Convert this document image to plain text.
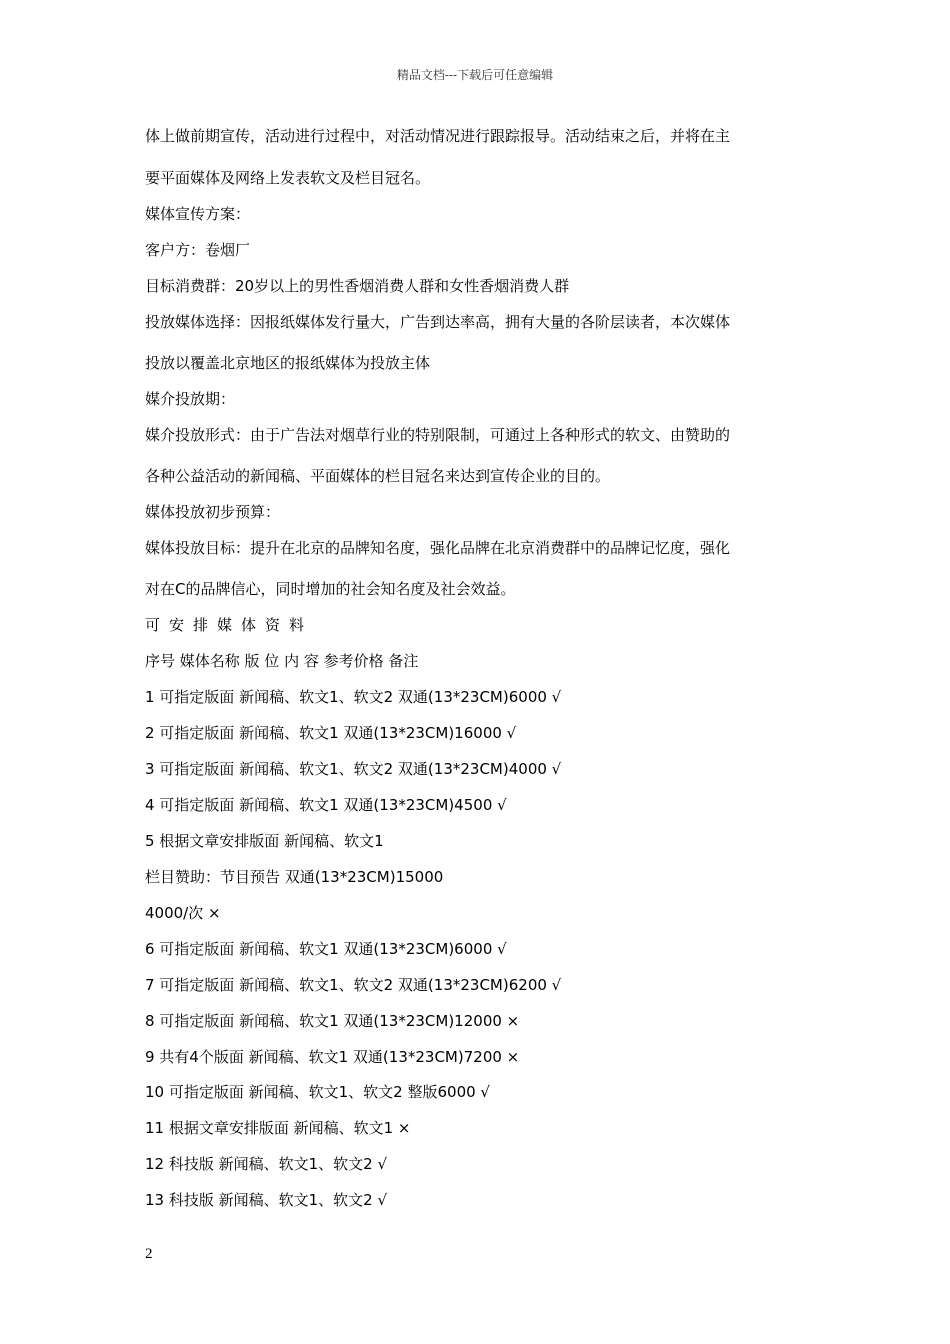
精品文档---下载后可任意编辑
体上做前期宣传，活动进行过程中，对活动情况进行跟踪报导。活动结束之后，并将在主
要平面媒体及网络上发表软文及栏目冠名。
媒体宣传方案：
客户方：卷烟厂
目标消费群：20岁以上的男性香烟消费人群和女性香烟消费人群
投放媒体选择：因报纸媒体发行量大，广告到达率高，拥有大量的各阶层读者，本次媒体
投放以覆盖北京地区的报纸媒体为投放主体
媒介投放期：
媒介投放形式：由于广告法对烟草行业的特别限制，可通过上各种形式的软文、由赞助的
各种公益活动的新闻稿、平面媒体的栏目冠名来达到宣传企业的目的。
媒体投放初步预算：
媒体投放目标：提升在北京的品牌知名度，强化品牌在北京消费群中的品牌记忆度，强化
对在C的品牌信心，同时增加的社会知名度及社会效益。
可安排媒体资料
序号 媒体名称 版 位 内 容 参考价格 备注
1 可指定版面 新闻稿、软文1、软文2 双通(13*23CM)6000 √
2 可指定版面 新闻稿、软文1 双通(13*23CM)16000 √
3 可指定版面 新闻稿、软文1、软文2 双通(13*23CM)4000 √
4 可指定版面 新闻稿、软文1 双通(13*23CM)4500 √
5 根据文章安排版面 新闻稿、软文1
栏目赞助：节目预告 双通(13*23CM)15000
4000/次 ×
6 可指定版面 新闻稿、软文1 双通(13*23CM)6000 √
7 可指定版面 新闻稿、软文1、软文2 双通(13*23CM)6200 √
8 可指定版面 新闻稿、软文1 双通(13*23CM)12000 ×
9 共有4个版面 新闻稿、软文1 双通(13*23CM)7200 ×
10 可指定版面 新闻稿、软文1、软文2 整版6000 √
11 根据文章安排版面 新闻稿、软文1 ×
12 科技版 新闻稿、软文1、软文2 √
13 科技版 新闻稿、软文1、软文2 √
2
